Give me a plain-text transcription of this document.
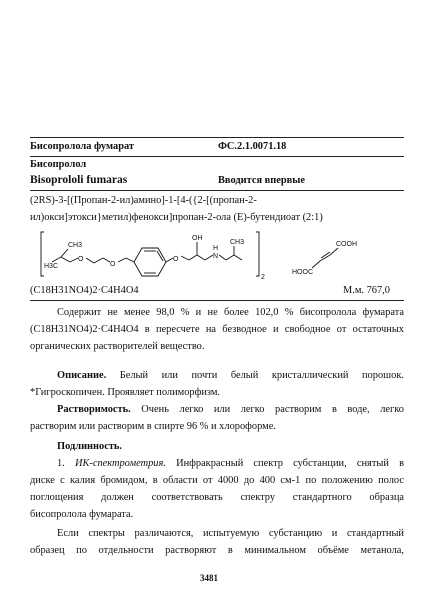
Бисопролола фумарат	ФС.2.1.0071.18
Бисопролол
Bisoprololi fumaras	Вводится впервые
(2RS)-3-[(Пропан-2-ил)амино]-1-[4-({2-[(пропан-2-
ил)окси]этокси}метил)фенокси]пропан-2-ола (E)-бутендиоат (2:1)
CH3
H3C
O
O
O
OH
N
H
CH3
2
COOH
HOOC
(C18H31NO4)2·C4H4O4	М.м. 767,0
Содержит не менее 98,0 % и не более 102,0 % бисопролола фумарата
(C18H31NO4)2·C4H4O4 в пересчете на безводное и свободное от остаточных
органических растворителей вещество.
Описание. Белый или почти белый кристаллический порошок.
*Гигроскопичен. Проявляет полиморфизм.
Растворимость. Очень легко или легко растворим в воде, легко
растворим или растворим в спирте 96 % и хлороформе.
Подлинность.
1. ИК-спектрометрия. Инфракрасный спектр субстанции, снятый в
диске с калия бромидом, в области от 4000 до 400 см-1 по положению полос
поглощения должен соответствовать спектру стандартного образца
бисопролола фумарата.
Если спектры различаются, испытуемую субстанцию и стандартный
образец по отдельности растворяют в минимальном объёме метанола,
3481
